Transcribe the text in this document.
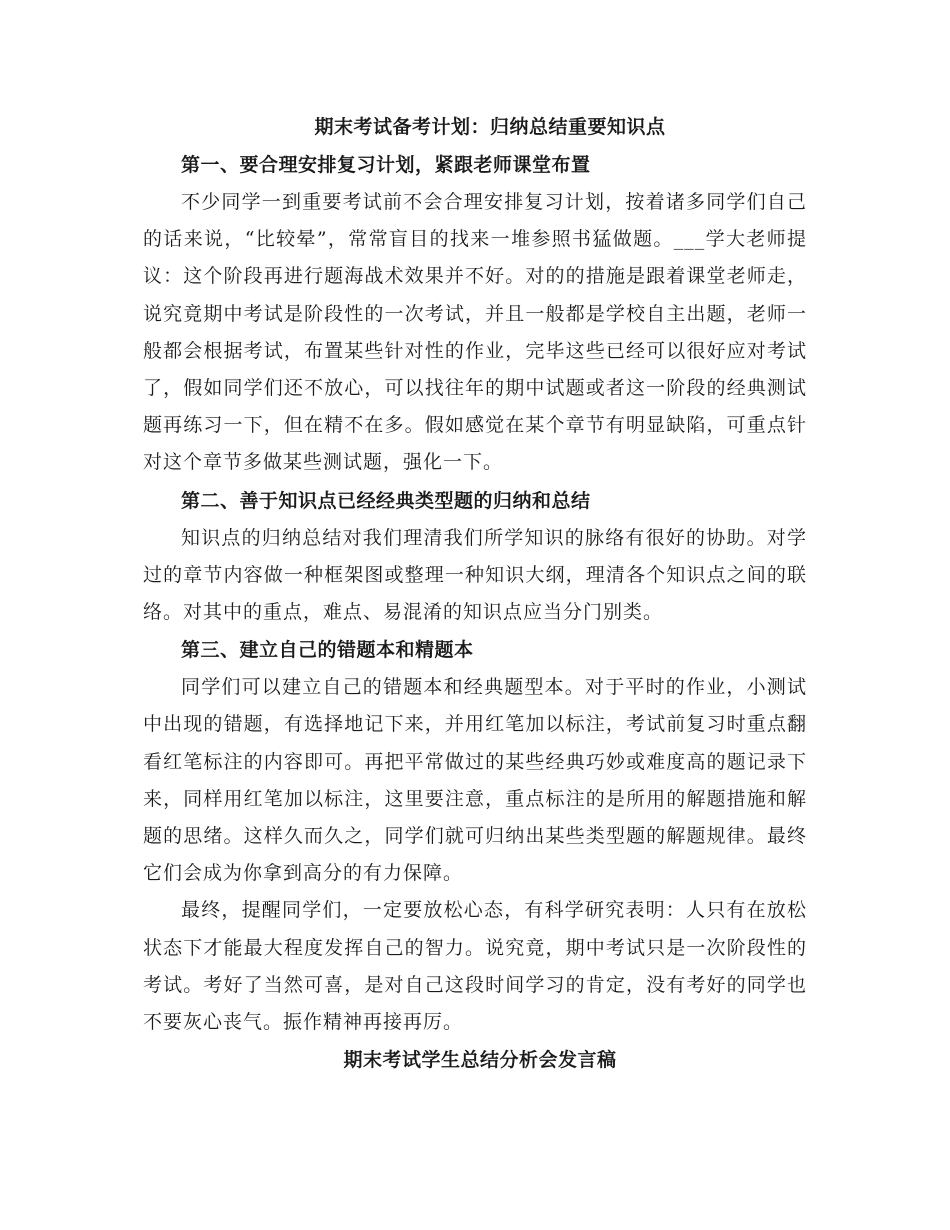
期末考试备考计划：归纳总结重要知识点
第一、要合理安排复习计划，紧跟老师课堂布置

不少同学一到重要考试前不会合理安排复习计划，按着诸多同学们自己的话来说，“比较晕”，常常盲目的找来一堆参照书猛做题。___学大老师提议：这个阶段再进行题海战术效果并不好。对的的措施是跟着课堂老师走，说究竟期中考试是阶段性的一次考试，并且一般都是学校自主出题，老师一般都会根据考试，布置某些针对性的作业，完毕这些已经可以很好应对考试了，假如同学们还不放心，可以找往年的期中试题或者这一阶段的经典测试题再练习一下，但在精不在多。假如感觉在某个章节有明显缺陷，可重点针对这个章节多做某些测试题，强化一下。

第二、善于知识点已经经典类型题的归纳和总结

知识点的归纳总结对我们理清我们所学知识的脉络有很好的协助。对学过的章节内容做一种框架图或整理一种知识大纲，理清各个知识点之间的联络。对其中的重点，难点、易混淆的知识点应当分门别类。

第三、建立自己的错题本和精题本

同学们可以建立自己的错题本和经典题型本。对于平时的作业，小测试中出现的错题，有选择地记下来，并用红笔加以标注，考试前复习时重点翻看红笔标注的内容即可。再把平常做过的某些经典巧妙或难度高的题记录下来，同样用红笔加以标注，这里要注意，重点标注的是所用的解题措施和解题的思绪。这样久而久之，同学们就可归纳出某些类型题的解题规律。最终它们会成为你拿到高分的有力保障。

最终，提醒同学们，一定要放松心态，有科学研究表明：人只有在放松状态下才能最大程度发挥自己的智力。说究竟，期中考试只是一次阶段性的考试。考好了当然可喜，是对自己这段时间学习的肯定，没有考好的同学也不要灰心丧气。振作精神再接再厉。

期末考试学生总结分析会发言稿
